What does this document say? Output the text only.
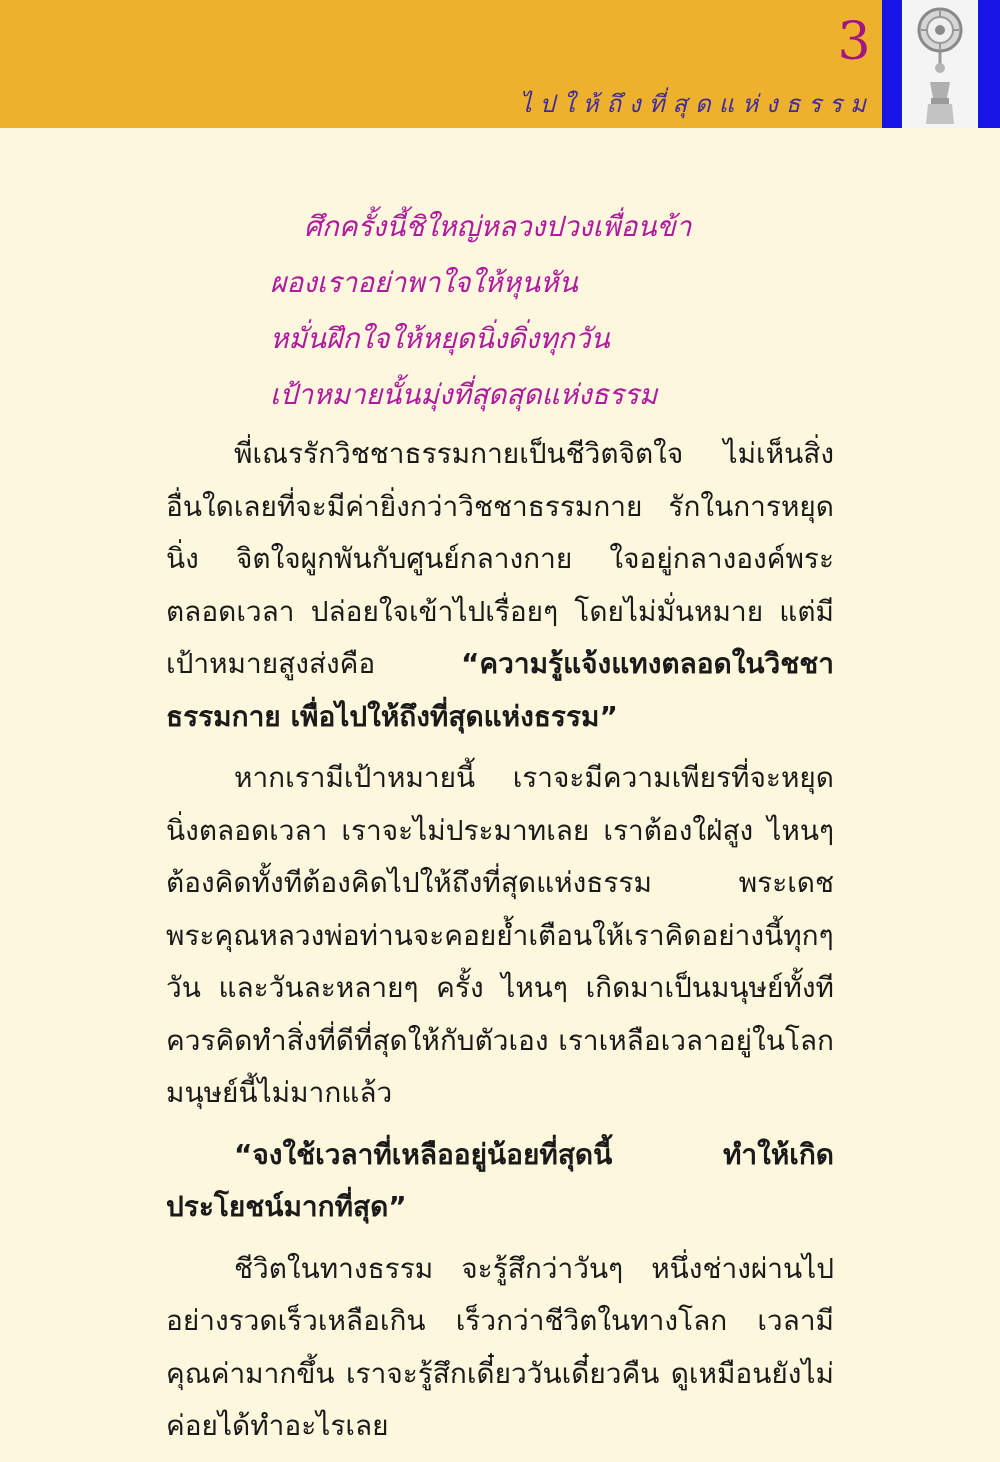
3
ไปให้ถึงที่สุดแห่งธรรม
ศึกครั้งนี้ชิใหญ่หลวงปวงเพื่อนข้า
ผองเราอย่าพาใจให้หุนหัน
หมั่นฝึกใจให้หยุดนิ่งดิ่งทุกวัน
เป้าหมายนั้นมุ่งที่สุดสุดแห่งธรรม

พี่เณรรักวิชชาธรรมกายเป็นชีวิตจิตใจ ไม่เห็นสิ่งอื่นใดเลยที่จะมีค่ายิ่งกว่าวิชชาธรรมกาย รักในการหยุดนิ่ง จิตใจผูกพันกับศูนย์กลางกาย ใจอยู่กลางองค์พระตลอดเวลา ปล่อยใจเข้าไปเรื่อยๆ โดยไม่มั่นหมาย แต่มีเป้าหมายสูงส่งคือ	“ความรู้แจ้งแทงตลอดในวิชชาธรรมกาย เพื่อไปให้ถึงที่สุดแห่งธรรม”

หากเรามีเป้าหมายนี้ เราจะมีความเพียรที่จะหยุดนิ่งตลอดเวลา เราจะไม่ประมาทเลย เราต้องใฝ่สูง ไหนๆ ต้องคิดทั้งทีต้องคิดไปให้ถึงที่สุดแห่งธรรม พระเดชพระคุณหลวงพ่อท่านจะคอยย้ำเตือนให้เราคิดอย่างนี้ทุกๆ วัน และวันละหลายๆ ครั้ง ไหนๆ เกิดมาเป็นมนุษย์ทั้งที ควรคิดทำสิ่งที่ดีที่สุดให้กับตัวเอง เราเหลือเวลาอยู่ในโลกมนุษย์นี้ไม่มากแล้ว

“จงใช้เวลาที่เหลืออยู่น้อยที่สุดนี้ ทำให้เกิดประโยชน์มากที่สุด”

ชีวิตในทางธรรม จะรู้สึกว่าวันๆ หนึ่งช่างผ่านไปอย่างรวดเร็วเหลือเกิน เร็วกว่าชีวิตในทางโลก เวลามีคุณค่ามากขึ้น เราจะรู้สึกเดี๋ยววันเดี๋ยวคืน ดูเหมือนยังไม่ค่อยได้ทำอะไรเลย
